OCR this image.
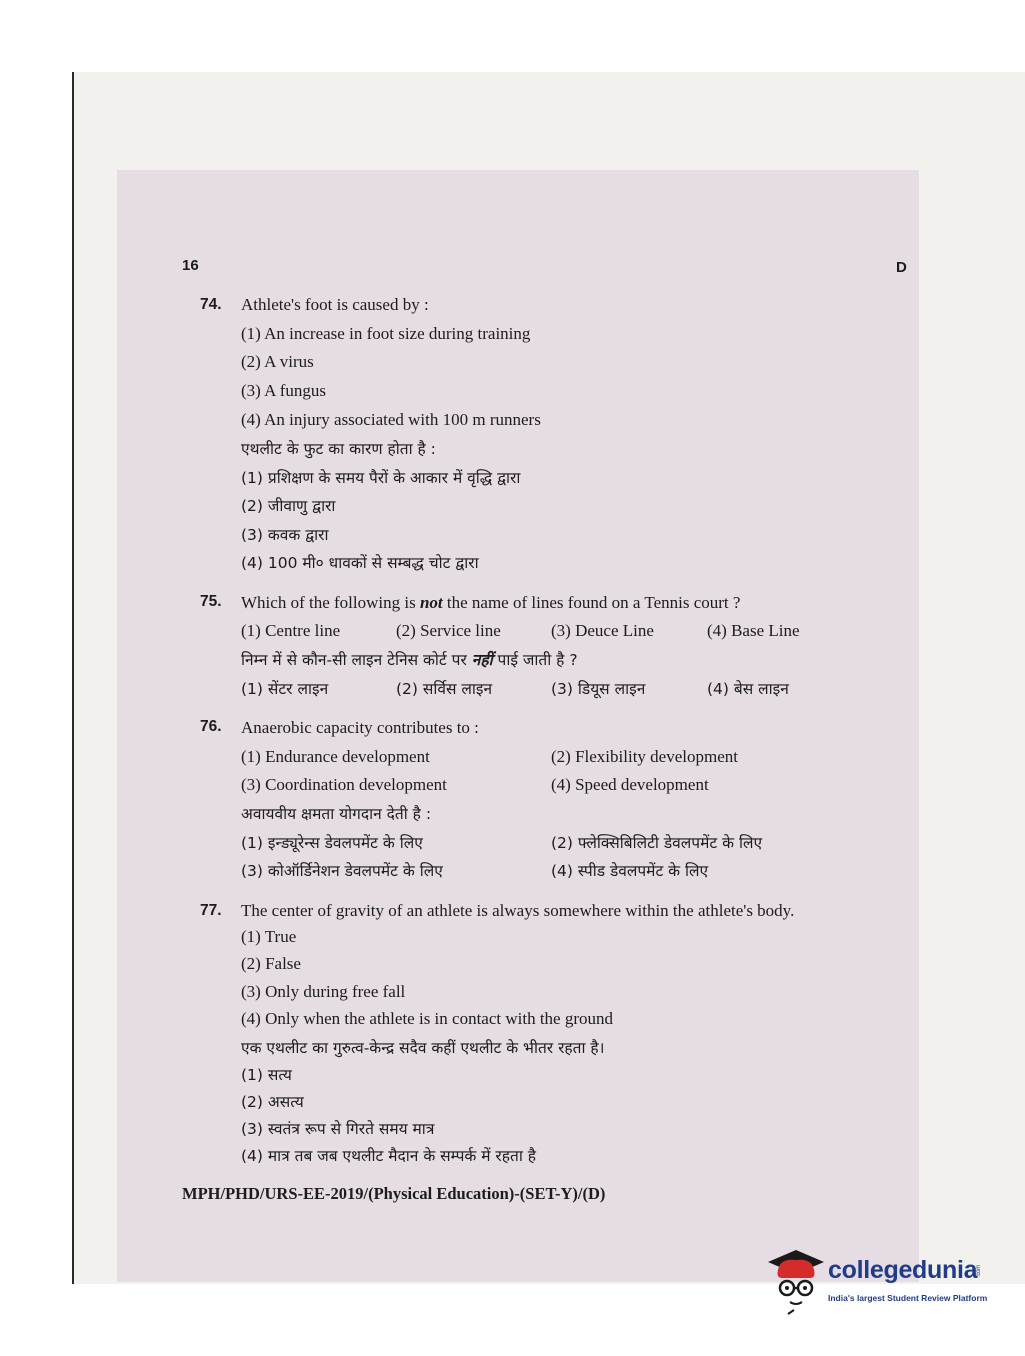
16	D
74. Athlete's foot is caused by :
(1) An increase in foot size during training
(2) A virus
(3) A fungus
(4) An injury associated with 100 m runners
एथलीट के फुट का कारण होता है :
(1) प्रशिक्षण के समय पैरों के आकार में वृद्धि द्वारा
(2) जीवाणु द्वारा
(3) कवक द्वारा
(4) 100 मी० धावकों से सम्बद्ध चोट द्वारा
75. Which of the following is not the name of lines found on a Tennis court ?
(1) Centre line	(2) Service line	(3) Deuce Line	(4) Base Line
निम्न में से कौन-सी लाइन टेनिस कोर्ट पर नहीं पाई जाती है ?
(1) सेंटर लाइन	(2) सर्विस लाइन	(3) डियूस लाइन	(4) बेस लाइन
76. Anaerobic capacity contributes to :
(1) Endurance development	(2) Flexibility development
(3) Coordination development	(4) Speed development
अवायवीय क्षमता योगदान देती है :
(1) इन्ड्यूरेन्स डेवलपमेंट के लिए	(2) फ्लेक्सिबिलिटी डेवलपमेंट के लिए
(3) कोऑर्डिनेशन डेवलपमेंट के लिए	(4) स्पीड डेवलपमेंट के लिए
77. The center of gravity of an athlete is always somewhere within the athlete's body.
(1) True
(2) False
(3) Only during free fall
(4) Only when the athlete is in contact with the ground
एक एथलीट का गुरुत्व-केन्द्र सदैव कहीं एथलीट के भीतर रहता है।
(1) सत्य
(2) असत्य
(3) स्वतंत्र रूप से गिरते समय मात्र
(4) मात्र तब जब एथलीट मैदान के सम्पर्क में रहता है
MPH/PHD/URS-EE-2019/(Physical Education)-(SET-Y)/(D)
collegedunia.com
India's largest Student Review Platform
